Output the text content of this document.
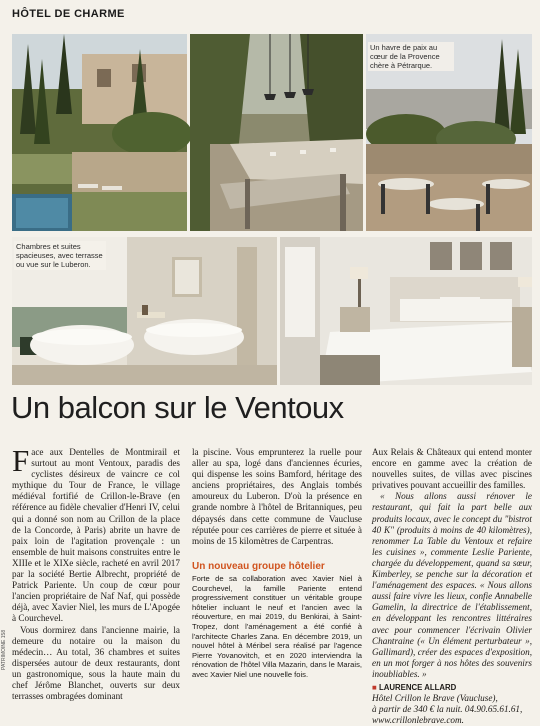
HÔTEL DE CHARME
Un havre de paix au cœur de la Provence chère à Pétrarque.
Chambres et suites spacieuses, avec terrasse ou vue sur le Luberon.
Un balcon sur le Ventoux

Face aux Dentelles de Montmirail et surtout au mont Ventoux, paradis des cyclistes désireux de vaincre ce col mythique du Tour de France, le village médiéval fortifié de Crillon-le-Brave (en référence au fidèle chevalier d'Henri IV, celui qui a donné son nom au Crillon de la place de la Concorde, à Paris) abrite un havre de paix loin de l'agitation provençale : un ensemble de huit maisons construites entre le XIIIe et le XIXe siècle, racheté en avril 2017 par la société Bertie Albrecht, propriété de Patrick Pariente. Un coup de cœur pour l'ancien propriétaire de Naf Naf, qui possède déjà, avec Xavier Niel, les murs de L'Apogée à Courchevel.

Vous dormirez dans l'ancienne mairie, la demeure du notaire ou la maison du médecin… Au total, 36 chambres et suites dispersées autour de deux restaurants, dont un gastronomique, sous la haute main du chef Jérôme Blanchet, ouverts sur deux terrasses ombragées dominant

la piscine. Vous emprunterez la ruelle pour aller au spa, logé dans d'anciennes écuries, qui dispense les soins Bamford, héritage des anciens propriétaires, des Anglais tombés amoureux du Luberon. D'où la présence en grande nombre à l'hôtel de Britanniques, peu dépaysés dans cette commune de Vaucluse réputée pour ces carrières de pierre et située à moins de 15 kilomètres de Carpentras.

Un nouveau groupe hôtelier
Forte de sa collaboration avec Xavier Niel à Courchevel, la famille Pariente entend progressivement constituer un véritable groupe hôtelier incluant le neuf et l'ancien avec la réouverture, en mai 2019, du Benkirai, à Saint-Tropez, dont l'aménagement a été confié à l'architecte Charles Zana. En décembre 2019, un nouvel hôtel à Méribel sera réalisé par l'agence Pierre Yovanovitch, et en 2020 interviendra la rénovation de l'hôtel Villa Mazarin, dans le Marais, avec Xavier Niel une nouvelle fois.

Aux Relais & Châteaux qui entend monter encore en gamme avec la création de nouvelles suites, de villas avec piscines privatives pouvant accueillir des familles.

« Nous allons aussi rénover le restaurant, qui fait la part belle aux produits locaux, avec le concept du "bistrot 40 K" (produits à moins de 40 kilomètres), renommer La Table du Ventoux et refaire les cuisines », commente Leslie Pariente, chargée du développement, quand sa sœur, Kimberley, se penche sur la décoration et l'aménagement des espaces. « Nous allons aussi faire vivre les lieux, confie Annabelle Gamelin, la directrice de l'établissement, en développant les rencontres littéraires avec pour commencer l'écrivain Olivier Chantraine (« Un élément perturbateur », Gallimard), créer des espaces d'exposition, en un mot forger à nos hôtes des souvenirs inoubliables. »

■ LAURENCE ALLARD
Hôtel Crillon le Brave (Vaucluse),
à partir de 340 € la nuit. 04.90.65.61.61,
www.crillonlebrave.com.
PATRIMOINE 158
